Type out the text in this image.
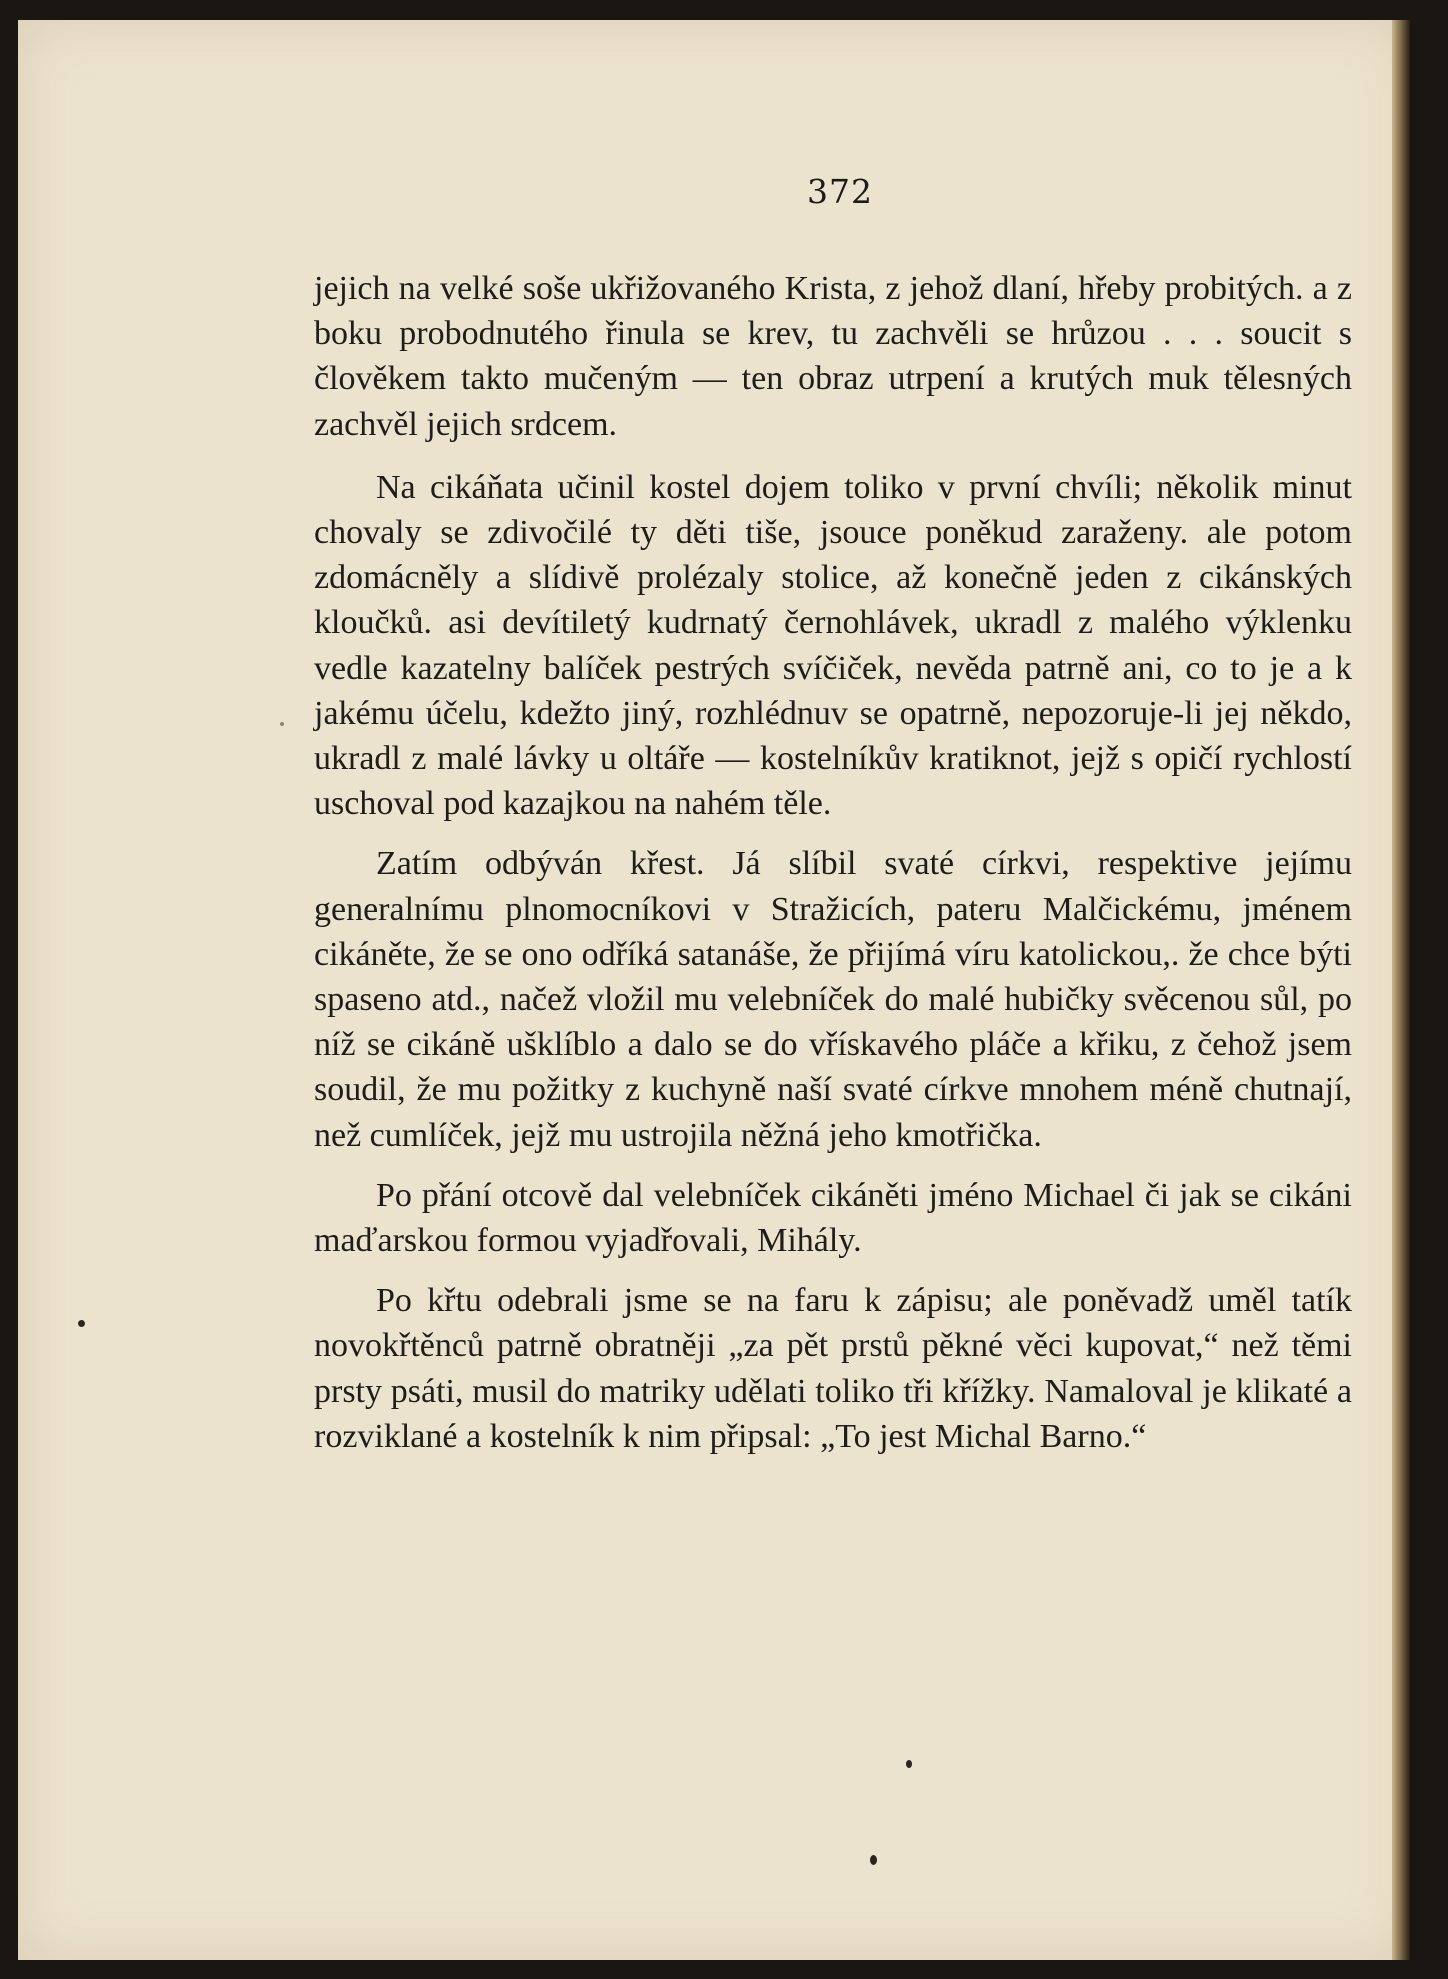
372

jejich na velké soše ukřižovaného Krista, z jehož dlaní, hřeby probitých. a z boku probodnutého řinula se krev, tu zachvěli se hrůzou . . . soucit s člověkem takto mučeným — ten obraz utrpení a krutých muk tělesných zachvěl jejich srdcem.

Na cikáňata učinil kostel dojem toliko v první chvíli; několik minut chovaly se zdivočilé ty děti tiše, jsouce poněkud zaraženy. ale potom zdomácněly a slídivě prolézaly stolice, až konečně jeden z cikánských kloučků. asi devítiletý kudrnatý černohlávek, ukradl z malého výklenku vedle kazatelny balíček pestrých svíčiček, nevěda patrně ani, co to je a k jakému účelu, kdežto jiný, rozhlédnuv se opatrně, nepozoruje-li jej někdo, ukradl z malé lávky u oltáře — kostelníkův kratiknot, jejž s opičí rychlostí uschoval pod kazajkou na nahém těle.

Zatím odbýván křest. Já slíbil svaté církvi, respektive jejímu generalnímu plnomocníkovi v Stražicích, pateru Malčickému, jménem cikáněte, že se ono odříká satanáše, že přijímá víru katolickou,. že chce býti spaseno atd., načež vložil mu velebníček do malé hubičky svěcenou sůl, po níž se cikáně ušklíblo a dalo se do vřískavého pláče a křiku, z čehož jsem soudil, že mu požitky z kuchyně naší svaté církve mnohem méně chutnají, než cumlíček, jejž mu ustrojila něžná jeho kmotřička.

Po přání otcově dal velebníček cikáněti jméno Michael či jak se cikáni maďarskou formou vyjadřovali, Mihály.

Po křtu odebrali jsme se na faru k zápisu; ale poněvadž uměl tatík novokřtěnců patrně obratněji „za pět prstů pěkné věci kupovat,“ než těmi prsty psáti, musil do matriky udělati toliko tři křížky. Namaloval je klikaté a rozviklané a kostelník k nim připsal: „To jest Michal Barno.“
